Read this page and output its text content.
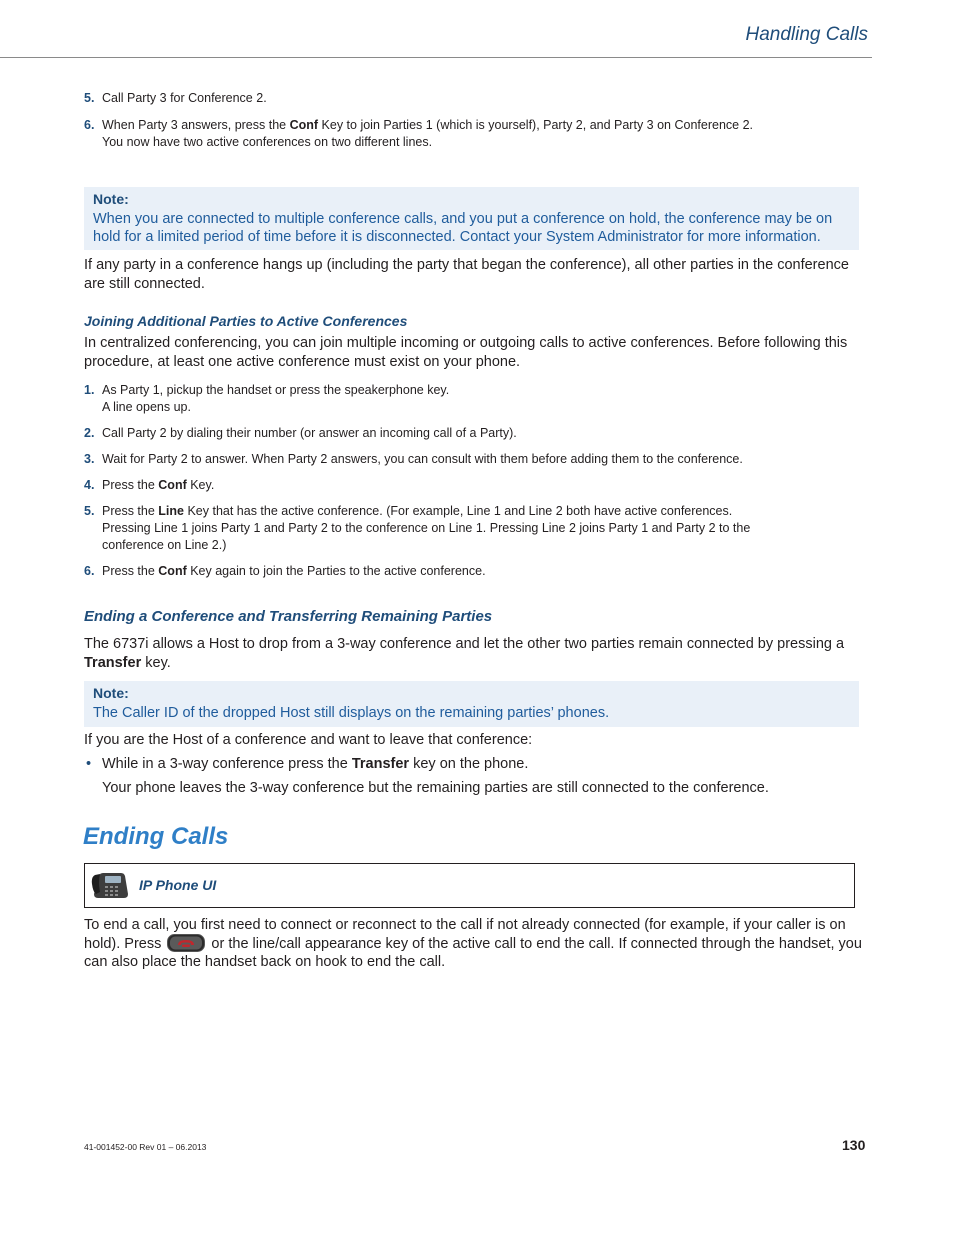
Handling Calls
5. Call Party 3 for Conference 2.
6. When Party 3 answers, press the Conf Key to join Parties 1 (which is yourself), Party 2, and Party 3 on Conference 2.
You now have two active conferences on two different lines.
Note:
When you are connected to multiple conference calls, and you put a conference on hold, the conference may be on hold for a limited period of time before it is disconnected. Contact your System Administrator for more information.

If any party in a conference hangs up (including the party that began the conference), all other parties in the conference are still connected.

Joining Additional Parties to Active Conferences

In centralized conferencing, you can join multiple incoming or outgoing calls to active conferences. Before following this procedure, at least one active conference must exist on your phone.

1. As Party 1, pickup the handset or press the speakerphone key.
A line opens up.
2. Call Party 2 by dialing their number (or answer an incoming call of a Party).
3. Wait for Party 2 to answer. When Party 2 answers, you can consult with them before adding them to the conference.
4. Press the Conf Key.
5. Press the Line Key that has the active conference. (For example, Line 1 and Line 2 both have active conferences.
Pressing Line 1 joins Party 1 and Party 2 to the conference on Line 1. Pressing Line 2 joins Party 1 and Party 2 to the conference on Line 2.)
6. Press the Conf Key again to join the Parties to the active conference.
Ending a Conference and Transferring Remaining Parties

The 6737i allows a Host to drop from a 3-way conference and let the other two parties remain connected by pressing a Transfer key.

Note:
The Caller ID of the dropped Host still displays on the remaining parties’ phones.

If you are the Host of a conference and want to leave that conference:

• While in a 3-way conference press the Transfer key on the phone.
Your phone leaves the 3-way conference but the remaining parties are still connected to the conference.
Ending Calls
IP Phone UI

To end a call, you first need to connect or reconnect to the call if not already connected (for example, if your caller is on hold). Press	or the line/call appearance key of the active call to end the call. If connected through the handset, you can also place the handset back on hook to end the call.

41-001452-00 Rev 01 – 06.2013	130
